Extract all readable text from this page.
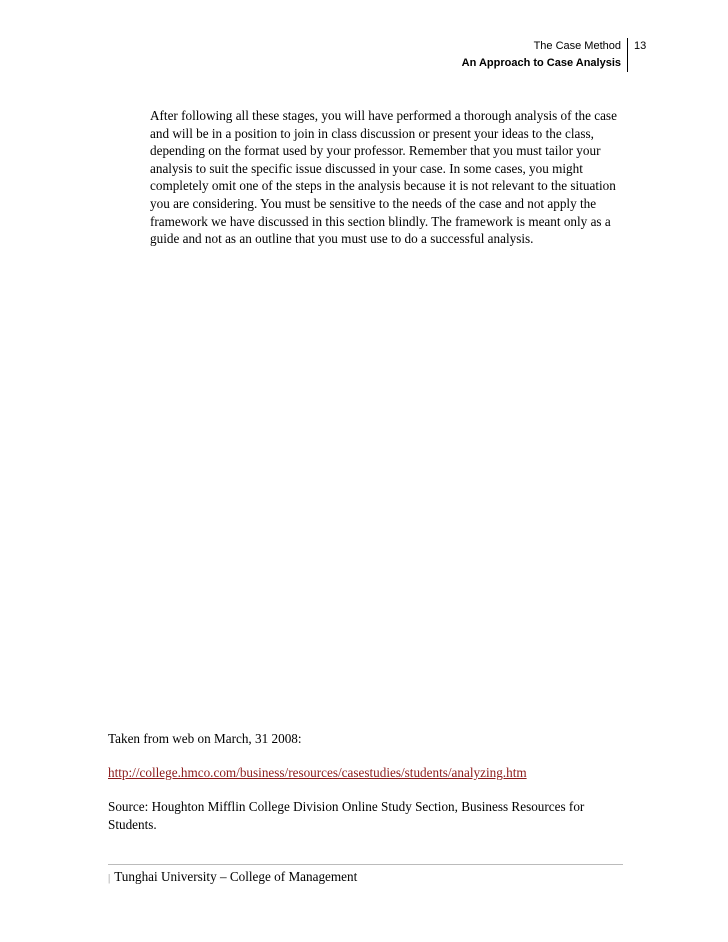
The Case Method
An Approach to Case Analysis
13

After following all these stages, you will have performed a thorough analysis of the case and will be in a position to join in class discussion or present your ideas to the class, depending on the format used by your professor. Remember that you must tailor your analysis to suit the specific issue discussed in your case. In some cases, you might completely omit one of the steps in the analysis because it is not relevant to the situation you are considering. You must be sensitive to the needs of the case and not apply the framework we have discussed in this section blindly. The framework is meant only as a guide and not as an outline that you must use to do a successful analysis.

Taken from web on March, 31 2008:
http://college.hmco.com/business/resources/casestudies/students/analyzing.htm
Source: Houghton Mifflin College Division Online Study Section, Business Resources for Students.
| Tunghai University – College of Management
